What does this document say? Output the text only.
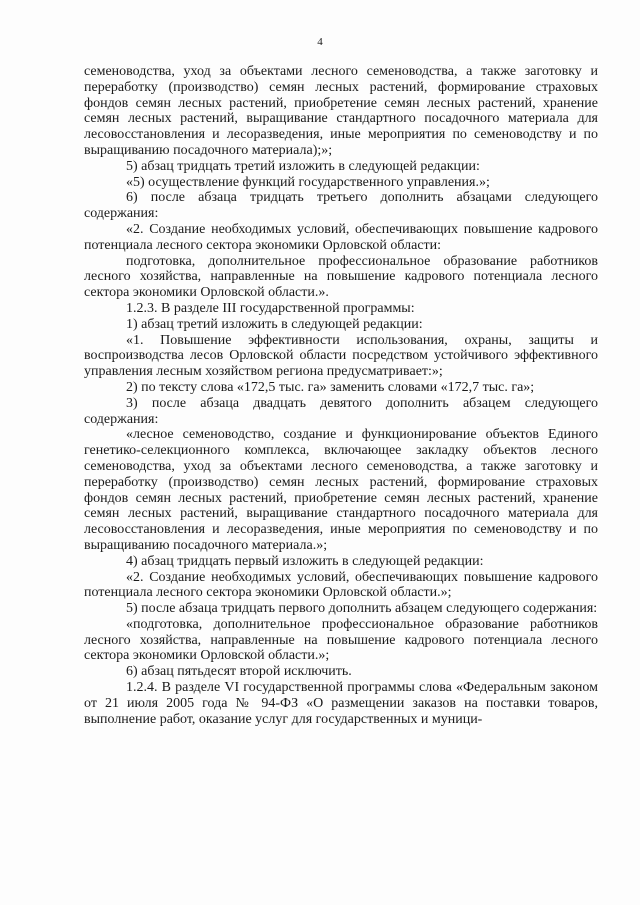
4

семеноводства, уход за объектами лесного семеноводства, а также заготовку и переработку (производство) семян лесных растений, формирование страховых фондов семян лесных растений, приобретение семян лесных растений, хранение семян лесных растений, выращивание стандартного посадочного материала для лесовосстановления и лесоразведения, иные мероприятия по семеноводству и по выращиванию посадочного материала);»;

5) абзац тридцать третий изложить в следующей редакции:

«5) осуществление функций государственного управления.»;

6) после абзаца тридцать третьего дополнить абзацами следующего содержания:

«2. Создание необходимых условий, обеспечивающих повышение кадрового потенциала лесного сектора экономики Орловской области:

подготовка, дополнительное профессиональное образование работников лесного хозяйства, направленные на повышение кадрового потенциала лесного сектора экономики Орловской области.».

1.2.3. В разделе III государственной программы:

1) абзац третий изложить в следующей редакции:

«1. Повышение эффективности использования, охраны, защиты и воспроизводства лесов Орловской области посредством устойчивого эффективного управления лесным хозяйством региона предусматривает:»;

2) по тексту слова «172,5 тыс. га» заменить словами «172,7 тыс. га»;

3) после абзаца двадцать девятого дополнить абзацем следующего содержания:

«лесное семеноводство, создание и функционирование объектов Единого генетико-селекционного комплекса, включающее закладку объектов лесного семеноводства, уход за объектами лесного семеноводства, а также заготовку и переработку (производство) семян лесных растений, формирование страховых фондов семян лесных растений, приобретение семян лесных растений, хранение семян лесных растений, выращивание стандартного посадочного материала для лесовосстановления и лесоразведения, иные мероприятия по семеноводству и по выращиванию посадочного материала.»;

4) абзац тридцать первый изложить в следующей редакции:

«2. Создание необходимых условий, обеспечивающих повышение кадрового потенциала лесного сектора экономики Орловской области.»;

5) после абзаца тридцать первого дополнить абзацем следующего содержания:

«подготовка, дополнительное профессиональное образование работников лесного хозяйства, направленные на повышение кадрового потенциала лесного сектора экономики Орловской области.»;

6) абзац пятьдесят второй исключить.

1.2.4. В разделе VI государственной программы слова «Федеральным законом от 21 июля 2005 года № 94-ФЗ «О размещении заказов на поставки товаров, выполнение работ, оказание услуг для государственных и муници-
